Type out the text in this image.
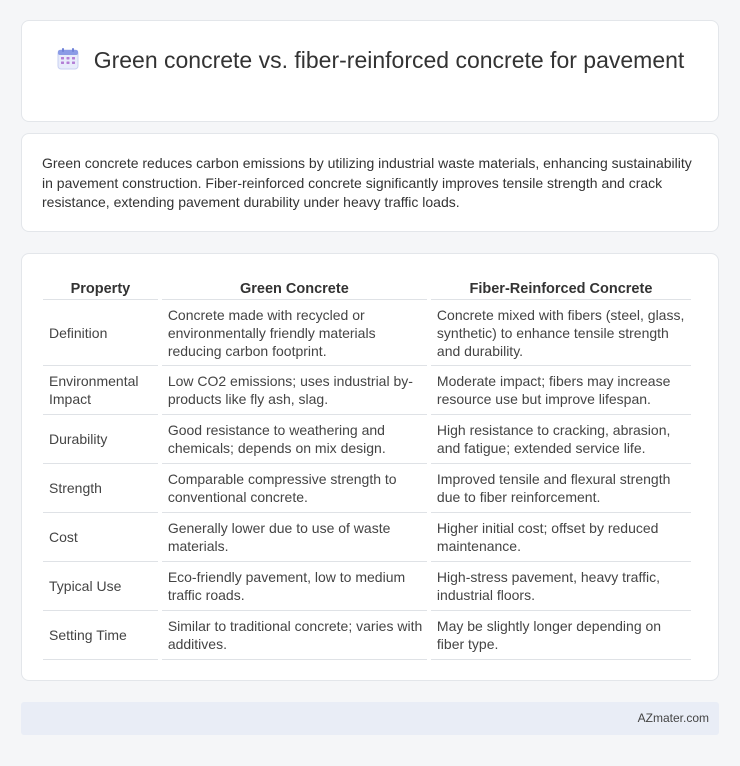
Green concrete vs. fiber-reinforced concrete for pavement

Green concrete reduces carbon emissions by utilizing industrial waste materials, enhancing sustainability in pavement construction. Fiber-reinforced concrete significantly improves tensile strength and crack resistance, extending pavement durability under heavy traffic loads.

Property	Green Concrete	Fiber-Reinforced Concrete
Definition	Concrete made with recycled or environmentally friendly materials reducing carbon footprint.	Concrete mixed with fibers (steel, glass, synthetic) to enhance tensile strength and durability.
Environmental Impact	Low CO2 emissions; uses industrial by-products like fly ash, slag.	Moderate impact; fibers may increase resource use but improve lifespan.
Durability	Good resistance to weathering and chemicals; depends on mix design.	High resistance to cracking, abrasion, and fatigue; extended service life.
Strength	Comparable compressive strength to conventional concrete.	Improved tensile and flexural strength due to fiber reinforcement.
Cost	Generally lower due to use of waste materials.	Higher initial cost; offset by reduced maintenance.
Typical Use	Eco-friendly pavement, low to medium traffic roads.	High-stress pavement, heavy traffic, industrial floors.
Setting Time	Similar to traditional concrete; varies with additives.	May be slightly longer depending on fiber type.
AZmater.com
